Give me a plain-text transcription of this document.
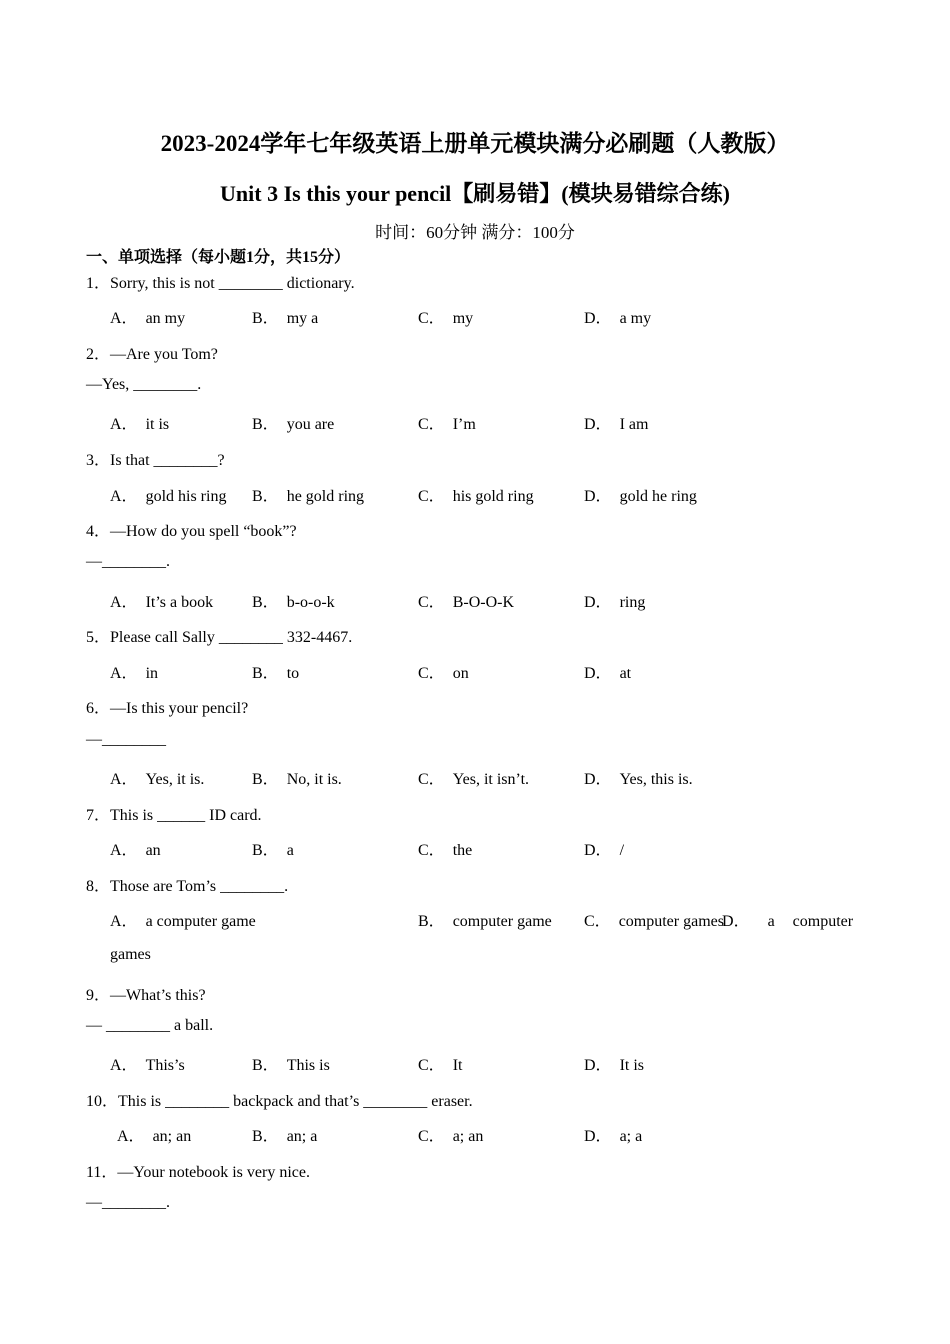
2023-2024学年七年级英语上册单元模块满分必刷题（人教版）
Unit 3 Is this your pencil【刷易错】(模块易错综合练)
时间：60分钟 满分：100分
一、单项选择（每小题1分，共15分）
1．Sorry, this is not ________ dictionary.
A． an my	B． my a	C． my	D． a my
2．—Are you Tom?
—Yes, ________.
A． it is	B． you are	C． I’m	D． I am
3．Is that ________?
A． gold his ring B． he gold ring	C． his gold ring	D． gold he ring
4．—How do you spell “book”?
—________.
A． It’s a book B． b-o-o-k	C． B-O-O-K	D． ring
5．Please call Sally ________ 332-4467.
A． in	B． to	C． on	D． at
6．—Is this your pencil?
—________
A． Yes, it is.	B． No, it is.	C． Yes, it isn’t.	D． Yes, this is.
7．This is ______ ID card.
A． an	B． a	C． the	D． /
8．Those are Tom’s ________.
A． a computer game	B． computer game C． computer games
D． a computer
games
9．—What’s this?
— ________ a ball.
A． This’s	B． This is	C． It	D． It is
10．This is ________ backpack and that’s ________ eraser.
A． an; an	B． an; a	C． a; an	D． a; a
11．—Your notebook is very nice.
—________.
